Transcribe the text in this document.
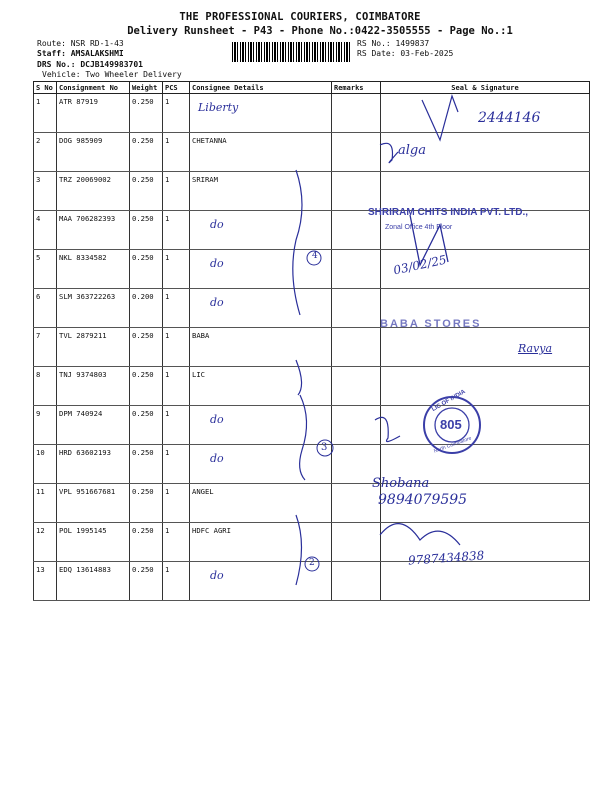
THE PROFESSIONAL COURIERS, COIMBATORE
Delivery Runsheet - P43 - Phone No.:0422-3505555 - Page No.:1
Route: NSR RD-1-43
Staff: AMSALAKSHMI
DRS No.: DCJB149983701
Vehicle: Two Wheeler Delivery
RS No.: 1499837
RS Date: 03-Feb-2025
S No	Consignment No	Weight	PCS	Consignee Details	Remarks	Seal & Signature
1	ATR 87919	0.250	1	Liberty		

2	DOG 985909	0.250	1	CHETANNA		

3	TRZ 20069002	0.250	1	SRIRAM		

4	MAA 706282393	0.250	1	do		

5	NKL 8334582	0.250	1	do		

6	SLM 363722263	0.200	1	do		

7	TVL 2879211	0.250	1	BABA		

8	TNJ 9374803	0.250	1	LIC		

9	DPM 740924	0.250	1	do		

10	HRD 63602193	0.250	1	do		

11	VPL 951667681	0.250	1	ANGEL		

12	POL 1995145	0.250	1	HDFC AGRI		

13	EDQ 13614883	0.250	1	do		

4
3
2
2444146
alga
03/02/25
Ravya
Shobana
9894079595
9787434838
SHRIRAM CHITS INDIA PVT. LTD.,
Zonal Office 4th Floor
BABA STORES
LIC OF INDIA
805
North Coimbatore
